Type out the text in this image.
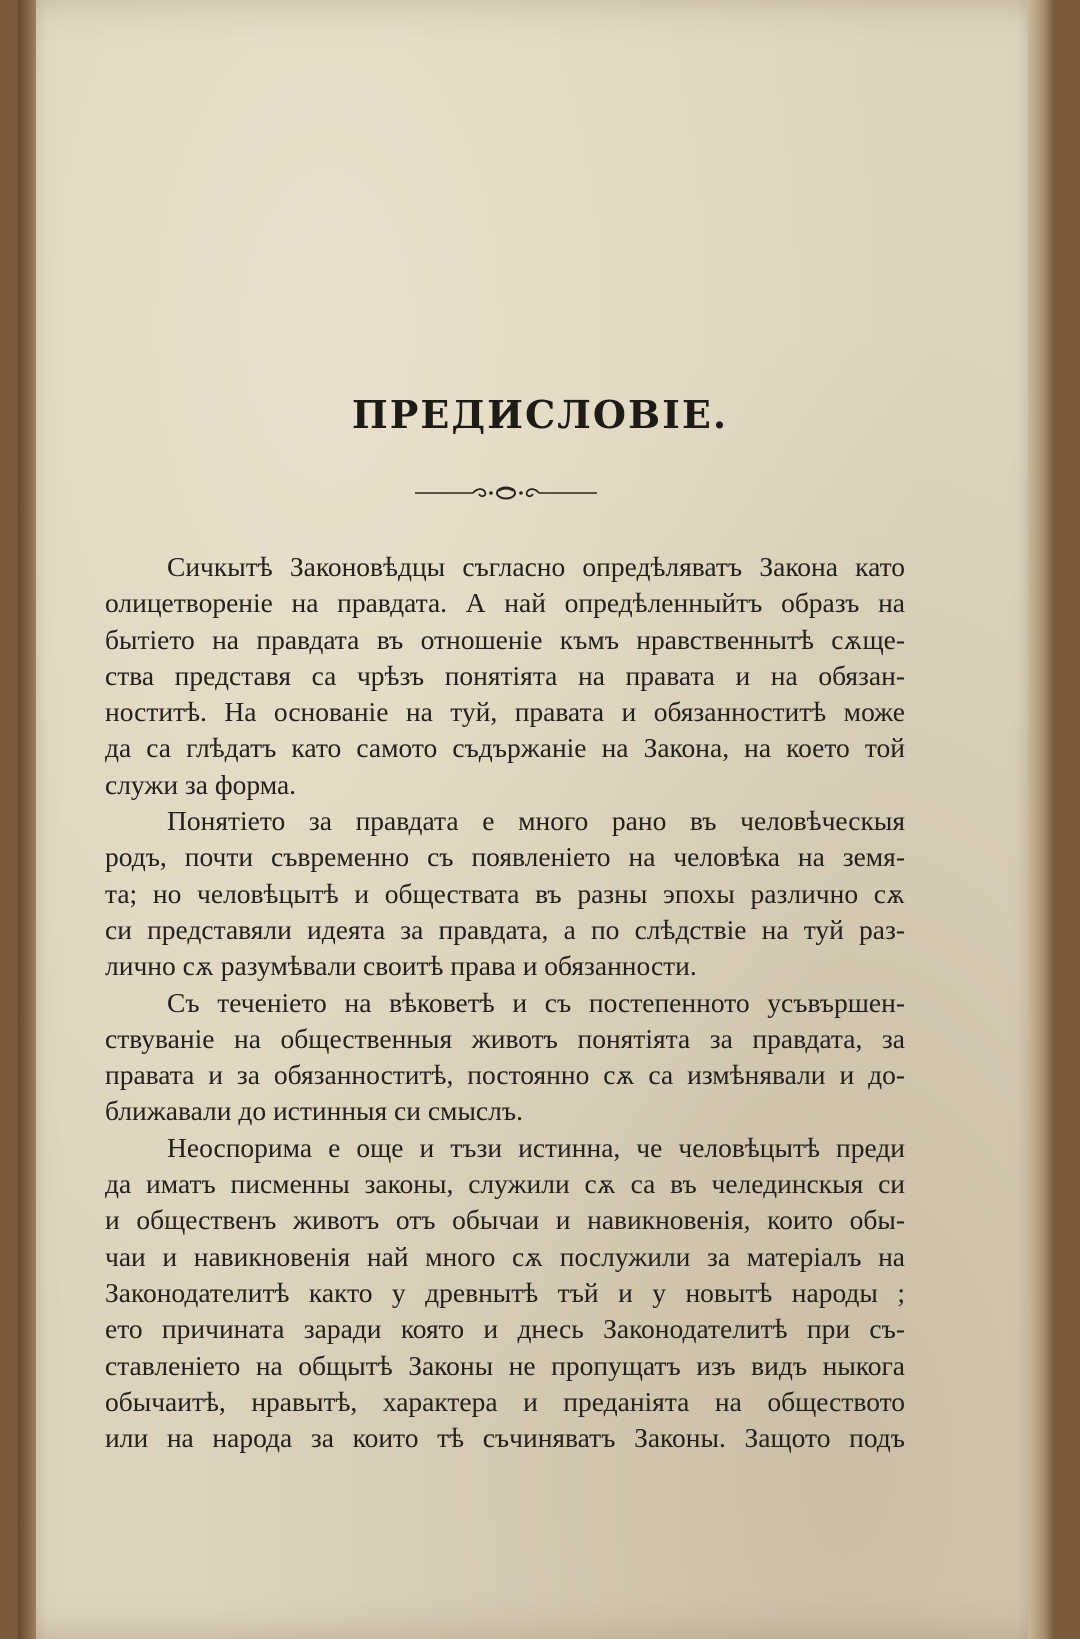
ПРЕДИСЛОВІЕ.
Сичкытѣ Законовѣдцы съгласно опредѣляватъ Закона като
олицетвореніе на правдата. А най опредѣленныйтъ образъ на
бытіето на правдата въ отношеніе къмъ нравственнытѣ сѫще-
ства представя са чрѣзъ понятіята на правата и на обязан-
ноститѣ. На основаніе на туй, правата и обязанноститѣ може
да са глѣдатъ като самото съдържаніе на Закона, на което той
служи за форма.
Понятіето за правдата е много рано въ человѣческыя
родъ, почти съвременно съ появленіето на человѣка на земя-
та; но человѣцытѣ и обществата въ разны эпохы различно сѫ
си представяли идеята за правдата, а по слѣдствіе на туй раз-
лично сѫ разумѣвали своитѣ права и обязанности.
Съ теченіето на вѣковетѣ и съ постепенното усъвършен-
ствуваніе на общественныя животъ понятіята за правдата, за
правата и за обязанноститѣ, постоянно сѫ са измѣнявали и до-
ближавали до истинныя си смыслъ.
Неоспорима е още и тъзи истинна, че человѣцытѣ преди
да иматъ писменны законы, служили сѫ са въ челединскыя си
и общественъ животъ отъ обычаи и навикновенія, които обы-
чаи и навикновенія най много сѫ послужили за матеріалъ на
Законодателитѣ както у древнытѣ тъй и у новытѣ народы ;
ето причината заради която и днесь Законодателитѣ при съ-
ставленіето на общытѣ Законы не пропущатъ изъ видъ ныкога
обычаитѣ, нравытѣ, характера и преданіята на обществото
или на народа за които тѣ съчиняватъ Законы. Защото подъ
